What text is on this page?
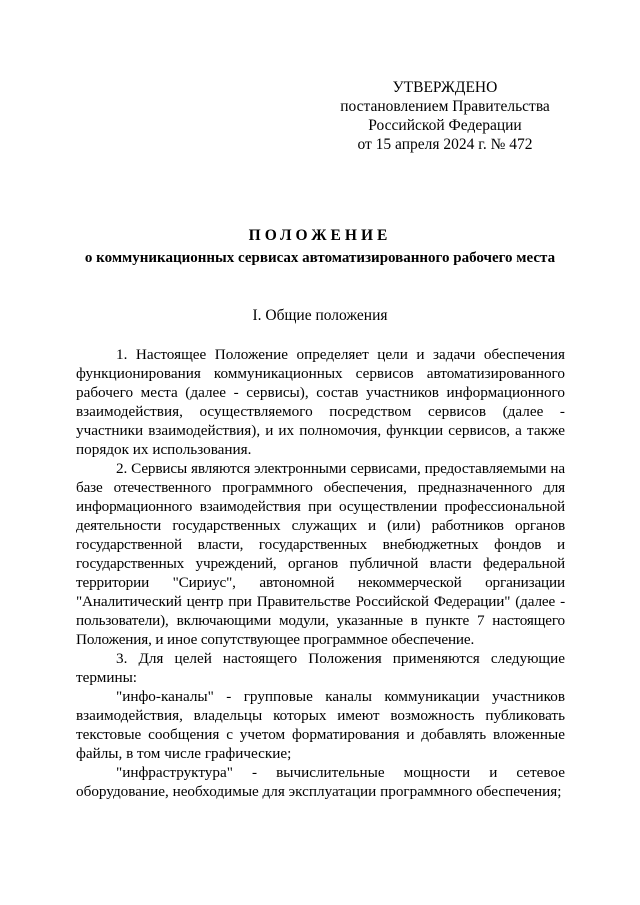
УТВЕРЖДЕНО
постановлением Правительства
Российской Федерации
от 15 апреля 2024 г. № 472
ПОЛОЖЕНИЕ
о коммуникационных сервисах автоматизированного рабочего места
I. Общие положения

1. Настоящее Положение определяет цели и задачи обеспечения функционирования коммуникационных сервисов автоматизированного рабочего места (далее - сервисы), состав участников информационного взаимодействия, осуществляемого посредством сервисов (далее - участники взаимодействия), и их полномочия, функции сервисов, а также порядок их использования.

2. Сервисы являются электронными сервисами, предоставляемыми на базе отечественного программного обеспечения, предназначенного для информационного взаимодействия при осуществлении профессиональной деятельности государственных служащих и (или) работников органов государственной власти, государственных внебюджетных фондов и государственных учреждений, органов публичной власти федеральной территории "Сириус", автономной некоммерческой организации "Аналитический центр при Правительстве Российской Федерации" (далее - пользователи), включающими модули, указанные в пункте 7 настоящего Положения, и иное сопутствующее программное обеспечение.

3. Для целей настоящего Положения применяются следующие термины:

"инфо-каналы" - групповые каналы коммуникации участников взаимодействия, владельцы которых имеют возможность публиковать текстовые сообщения с учетом форматирования и добавлять вложенные файлы, в том числе графические;

"инфраструктура" - вычислительные мощности и сетевое оборудование, необходимые для эксплуатации программного обеспечения;
